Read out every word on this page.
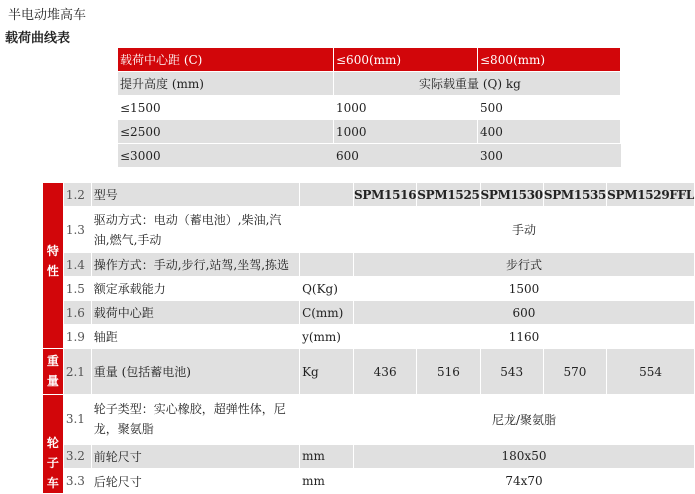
半电动堆高车
载荷曲线表
载荷中心距 (C)	≤600(mm)	≤800(mm)
提升高度 (mm)	实际载重量 (Q) kg	
≤1500	1000	500
≤2500	1000	400
≤3000	600	300
特
性	1.2	型号		SPM1516	SPM1525	SPM1530	SPM1535	SPM1529FFL
	1.3	驱动方式：电动（蓄电池）,柴油,汽油,燃气,手动		手动				
	1.4	操作方式：手动,步行,站驾,坐驾,拣选		步行式				
	1.5	额定承载能力	Q(Kg)	1500				
	1.6	载荷中心距	C(mm)	600				
	1.9	轴距	y(mm)	1160				

重
量	2.1	重量 (包括蓄电池)	Kg	436	516	543	570	554

轮
子
车	3.1	轮子类型：实心橡胶，超弹性体，尼龙，聚氨脂		尼龙/聚氨脂				
	3.2	前轮尺寸	mm	180x50				
	3.3	后轮尺寸	mm	74x70				
